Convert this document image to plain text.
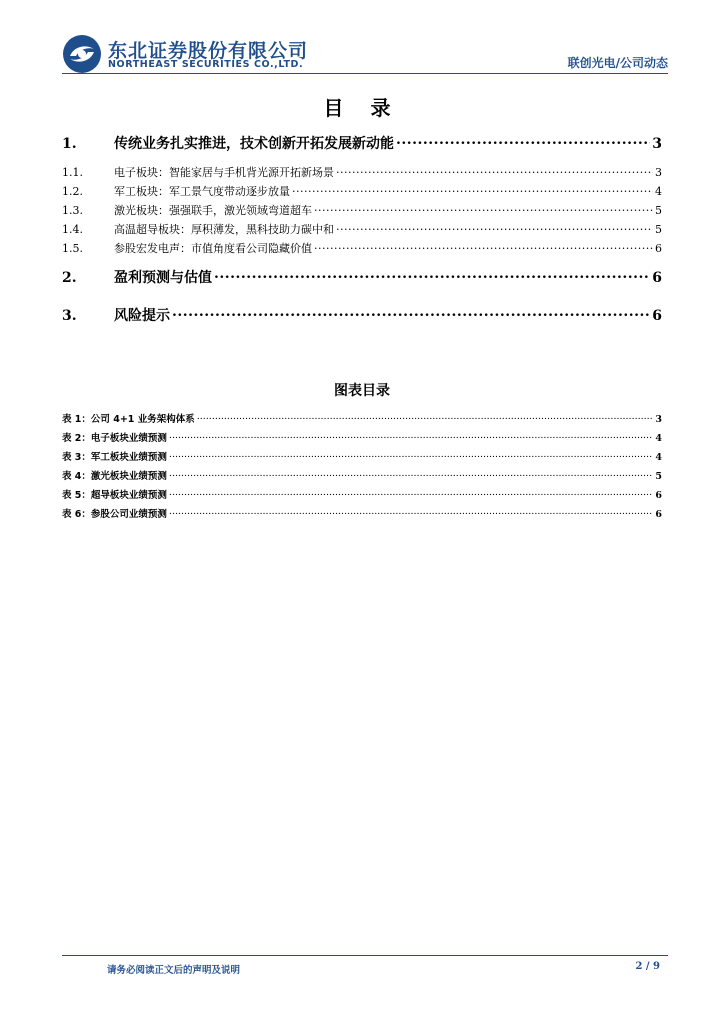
东北证券股份有限公司
NORTHEAST SECURITIES CO.,LTD.	联创光电/公司动态
目 录
1.	传统业务扎实推进，技术创新开拓发展新动能 .....	3
1.1.	电子板块：智能家居与手机背光源开拓新场景 .....	3
1.2.	军工板块：军工景气度带动逐步放量 .....	4
1.3.	激光板块：强强联手，激光领域弯道超车 .....	5
1.4.	高温超导板块：厚积薄发，黑科技助力碳中和 .....	5
1.5.	参股宏发电声：市值角度看公司隐藏价值 .....	6
2.	盈利预测与估值 .....	6
3.	风险提示 .....	6
图表目录
表 1：公司 4+1 业务架构体系 .....	3
表 2：电子板块业绩预测 .....	4
表 3：军工板块业绩预测 .....	4
表 4：激光板块业绩预测 .....	5
表 5：超导板块业绩预测 .....	6
表 6：参股公司业绩预测 .....	6
请务必阅读正文后的声明及说明	2 / 9
